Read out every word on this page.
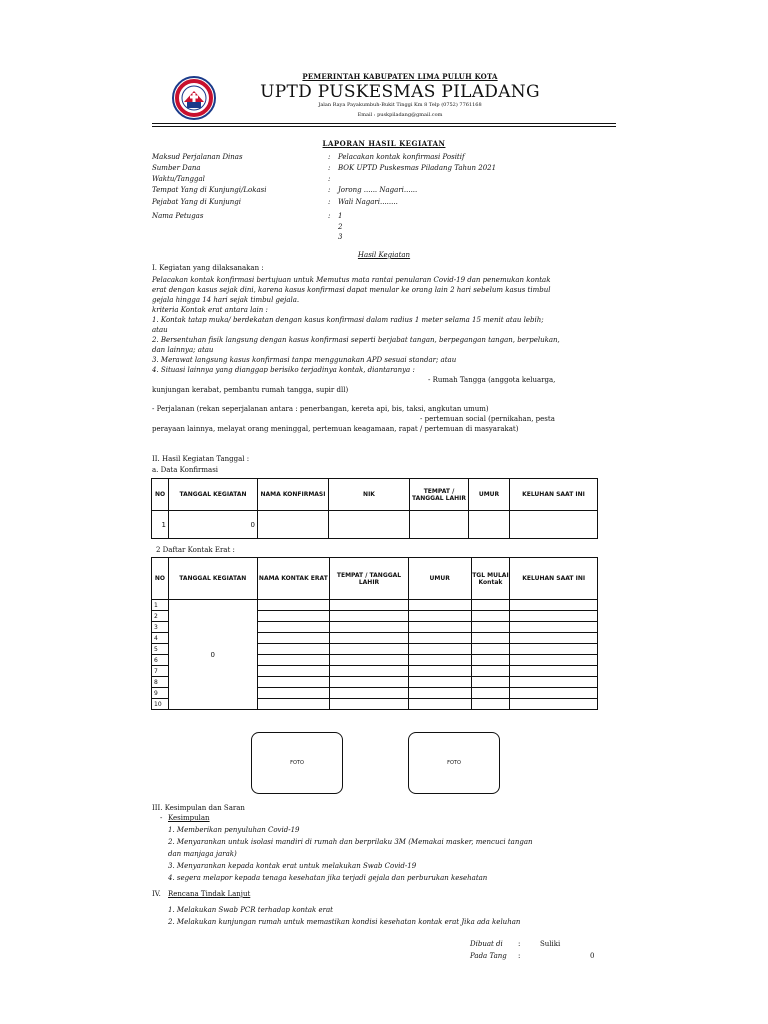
PEMERINTAH KABUPATEN LIMA PULUH KOTA
UPTD PUSKESMAS PILADANG
Jalan Raya Payakumbuh-Bukit Tinggi Km 8 Telp (0752) 7761168
Email : puskpiladang@gmail.com
LAPORAN HASIL KEGIATAN
Maksud Perjalanan Dinas	: Pelacakan kontak konfirmasi Positif
Sumber Dana	: BOK UPTD Puskesmas Piladang Tahun 2021
Waktu/Tanggal	:
Tempat Yang di Kunjungi/Lokasi	: Jorong ...... Nagari......
Pejabat Yang di Kunjungi	: Wali Nagari........
Nama Petugas	: 1
2
3
Hasil Kegiatan
I. Kegiatan yang dilaksanakan :
Pelacakan kontak konfirmasi bertujuan untuk Memutus mata rantai penularan Covid-19 dan penemukan kontak
erat dengan kasus sejak dini, karena kasus konfirmasi dapat menular ke orang lain 2 hari sebelum kasus timbul
gejala hingga 14 hari sejak timbul gejala.
kriteria Kontak erat antara lain :
1. Kontak tatap muka/ berdekatan dengan kasus konfirmasi dalam radius 1 meter selama 15 menit atau lebih;
atau
2. Bersentuhan fisik langsung dengan kasus konfirmasi seperti berjabat tangan, berpegangan tangan, berpelukan,
dan lainnya; atau
3. Merawat langsung kasus konfirmasi tanpa menggunakan APD sesuai standar; atau
4. Situasi lainnya yang dianggap berisiko terjadinya kontak, diantaranya :
- Rumah Tangga (anggota keluarga,
kunjungan kerabat, pembantu rumah tangga, supir dll)
- Perjalanan (rekan seperjalanan antara : penerbangan, kereta api, bis, taksi, angkutan umum)
- pertemuan social (pernikahan, pesta
perayaan lainnya, melayat orang meninggal, pertemuan keagamaan, rapat / pertemuan di masyarakat)
II. Hasil Kegiatan Tanggal :
a. Data Konfirmasi
NO	TANGGAL KEGIATAN	NAMA KONFIRMASI	NIK	TEMPAT / TANGGAL LAHIR	UMUR	KELUHAN SAAT INI
1	0					
2 Daftar Kontak Erat :
NO	TANGGAL KEGIATAN	NAMA KONTAK ERAT	TEMPAT / TANGGAL LAHIR	UMUR	TGL MULAI Kontak	KELUHAN SAAT INI
1	0					
2						
3						
4						
5						
6						
7						
8						
9						
10						
FOTO	FOTO
III. Kesimpulan dan Saran
- Kesimpulan
1. Memberikan penyuluhan Covid-19
2. Menyarankan untuk isolasi mandiri di rumah dan berprilaku 3M (Memakai masker, mencuci tangan
dan manjaga jarak)
3. Menyarankan kepada kontak erat untuk melakukan Swab Covid-19
4. segera melapor kepada tenaga kesehatan jika terjadi gejala dan perburukan kesehatan
IV. Rencana Tindak Lanjut
1. Melakukan Swab PCR terhadap kontak erat
2. Melakukan kunjungan rumah untuk memastikan kondisi kesehatan kontak erat Jika ada keluhan
Dibuat di :	Suliki
Pada Tang :	0
